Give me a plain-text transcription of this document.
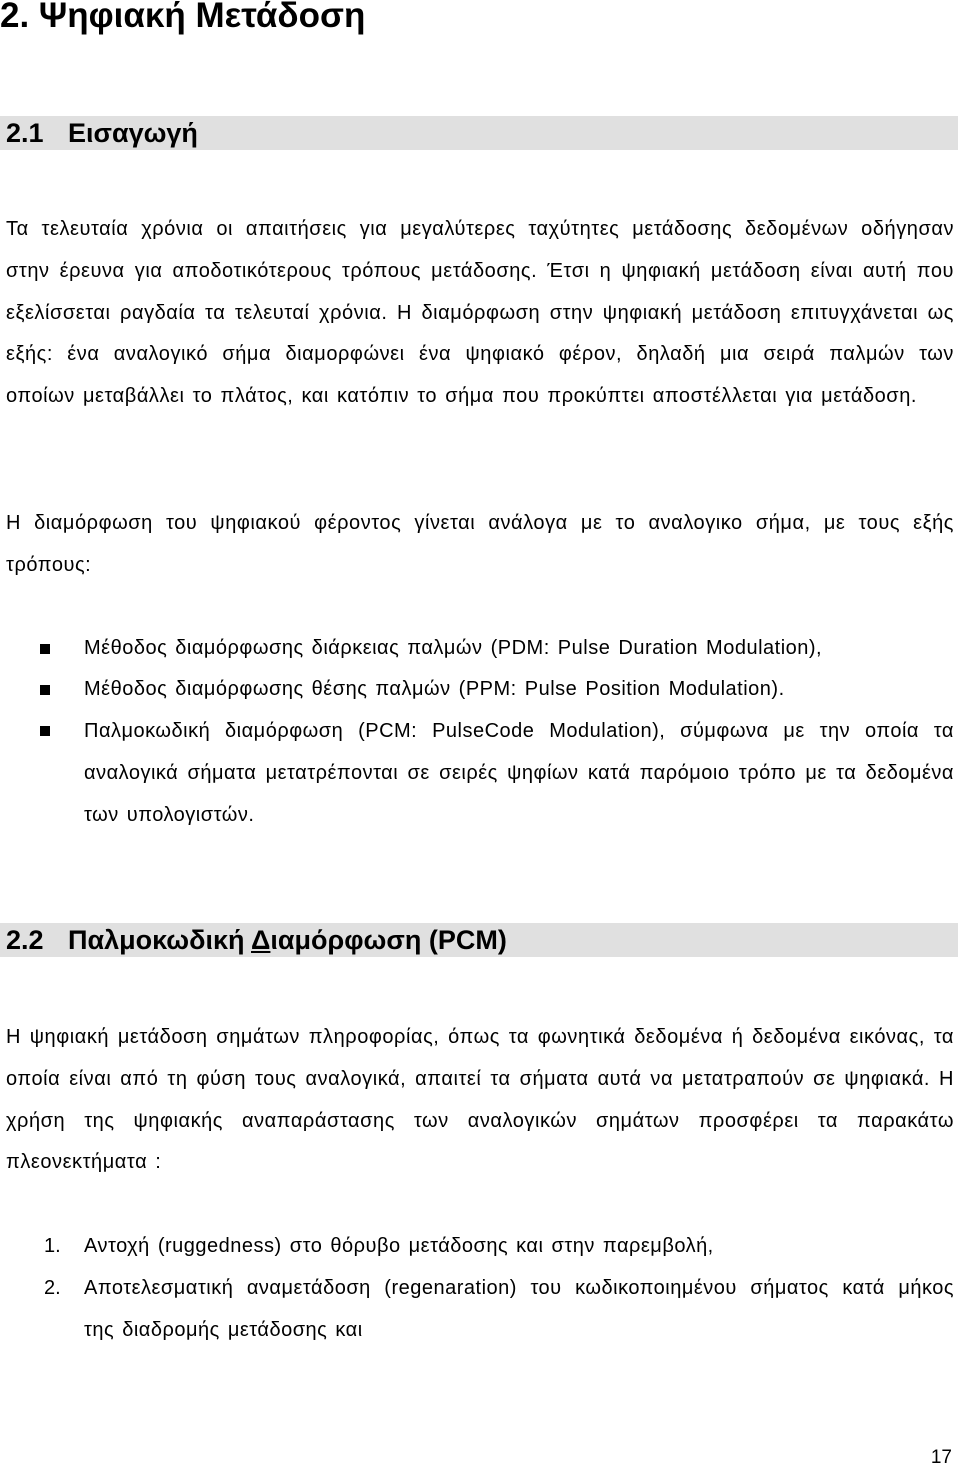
2. Ψηφιακή Μετάδοση
2.1 Εισαγωγή
Τα τελευταία χρόνια οι απαιτήσεις για μεγαλύτερες ταχύτητες μετάδοσης δεδομένων οδήγησαν στην έρευνα για αποδοτικότερους τρόπους μετάδοσης. Έτσι η ψηφιακή μετάδοση είναι αυτή που εξελίσσεται ραγδαία τα τελευταί χρόνια. Η διαμόρφωση στην ψηφιακή μετάδοση επιτυγχάνεται ως εξής: ένα αναλογικό σήμα διαμορφώνει ένα ψηφιακό φέρον, δηλαδή μια σειρά παλμών των οποίων μεταβάλλει το πλάτος, και κατόπιν το σήμα που προκύπτει αποστέλλεται για μετάδοση.
Η διαμόρφωση του ψηφιακού φέροντος γίνεται ανάλογα με το αναλογικο σήμα, με τους εξής τρόπους:
Μέθοδος διαμόρφωσης διάρκειας παλμών (PDM: Pulse Duration Modulation),
Μέθοδος διαμόρφωσης θέσης παλμών (PPM: Pulse Position Modulation).
Παλμοκωδική διαμόρφωση (PCM: PulseCode Modulation), σύμφωνα με την οποία τα αναλογικά σήματα μετατρέπονται σε σειρές ψηφίων κατά παρόμοιο τρόπο με τα δεδομένα των υπολογιστών.
2.2 Παλμοκωδική Διαμόρφωση (PCM)
Η ψηφιακή μετάδοση σημάτων πληροφορίας, όπως τα φωνητικά δεδομένα ή δεδομένα εικόνας, τα οποία είναι από τη φύση τους αναλογικά, απαιτεί τα σήματα αυτά να μετατραπούν σε ψηφιακά. Η χρήση της ψηφιακής αναπαράστασης των αναλογικών σημάτων προσφέρει τα παρακάτω πλεονεκτήματα :
1. Αντοχή (ruggedness) στο θόρυβο μετάδοσης και στην παρεμβολή,
2. Αποτελεσματική αναμετάδοση (regenaration) του κωδικοποιημένου σήματος κατά μήκος της διαδρομής μετάδοσης και
17
